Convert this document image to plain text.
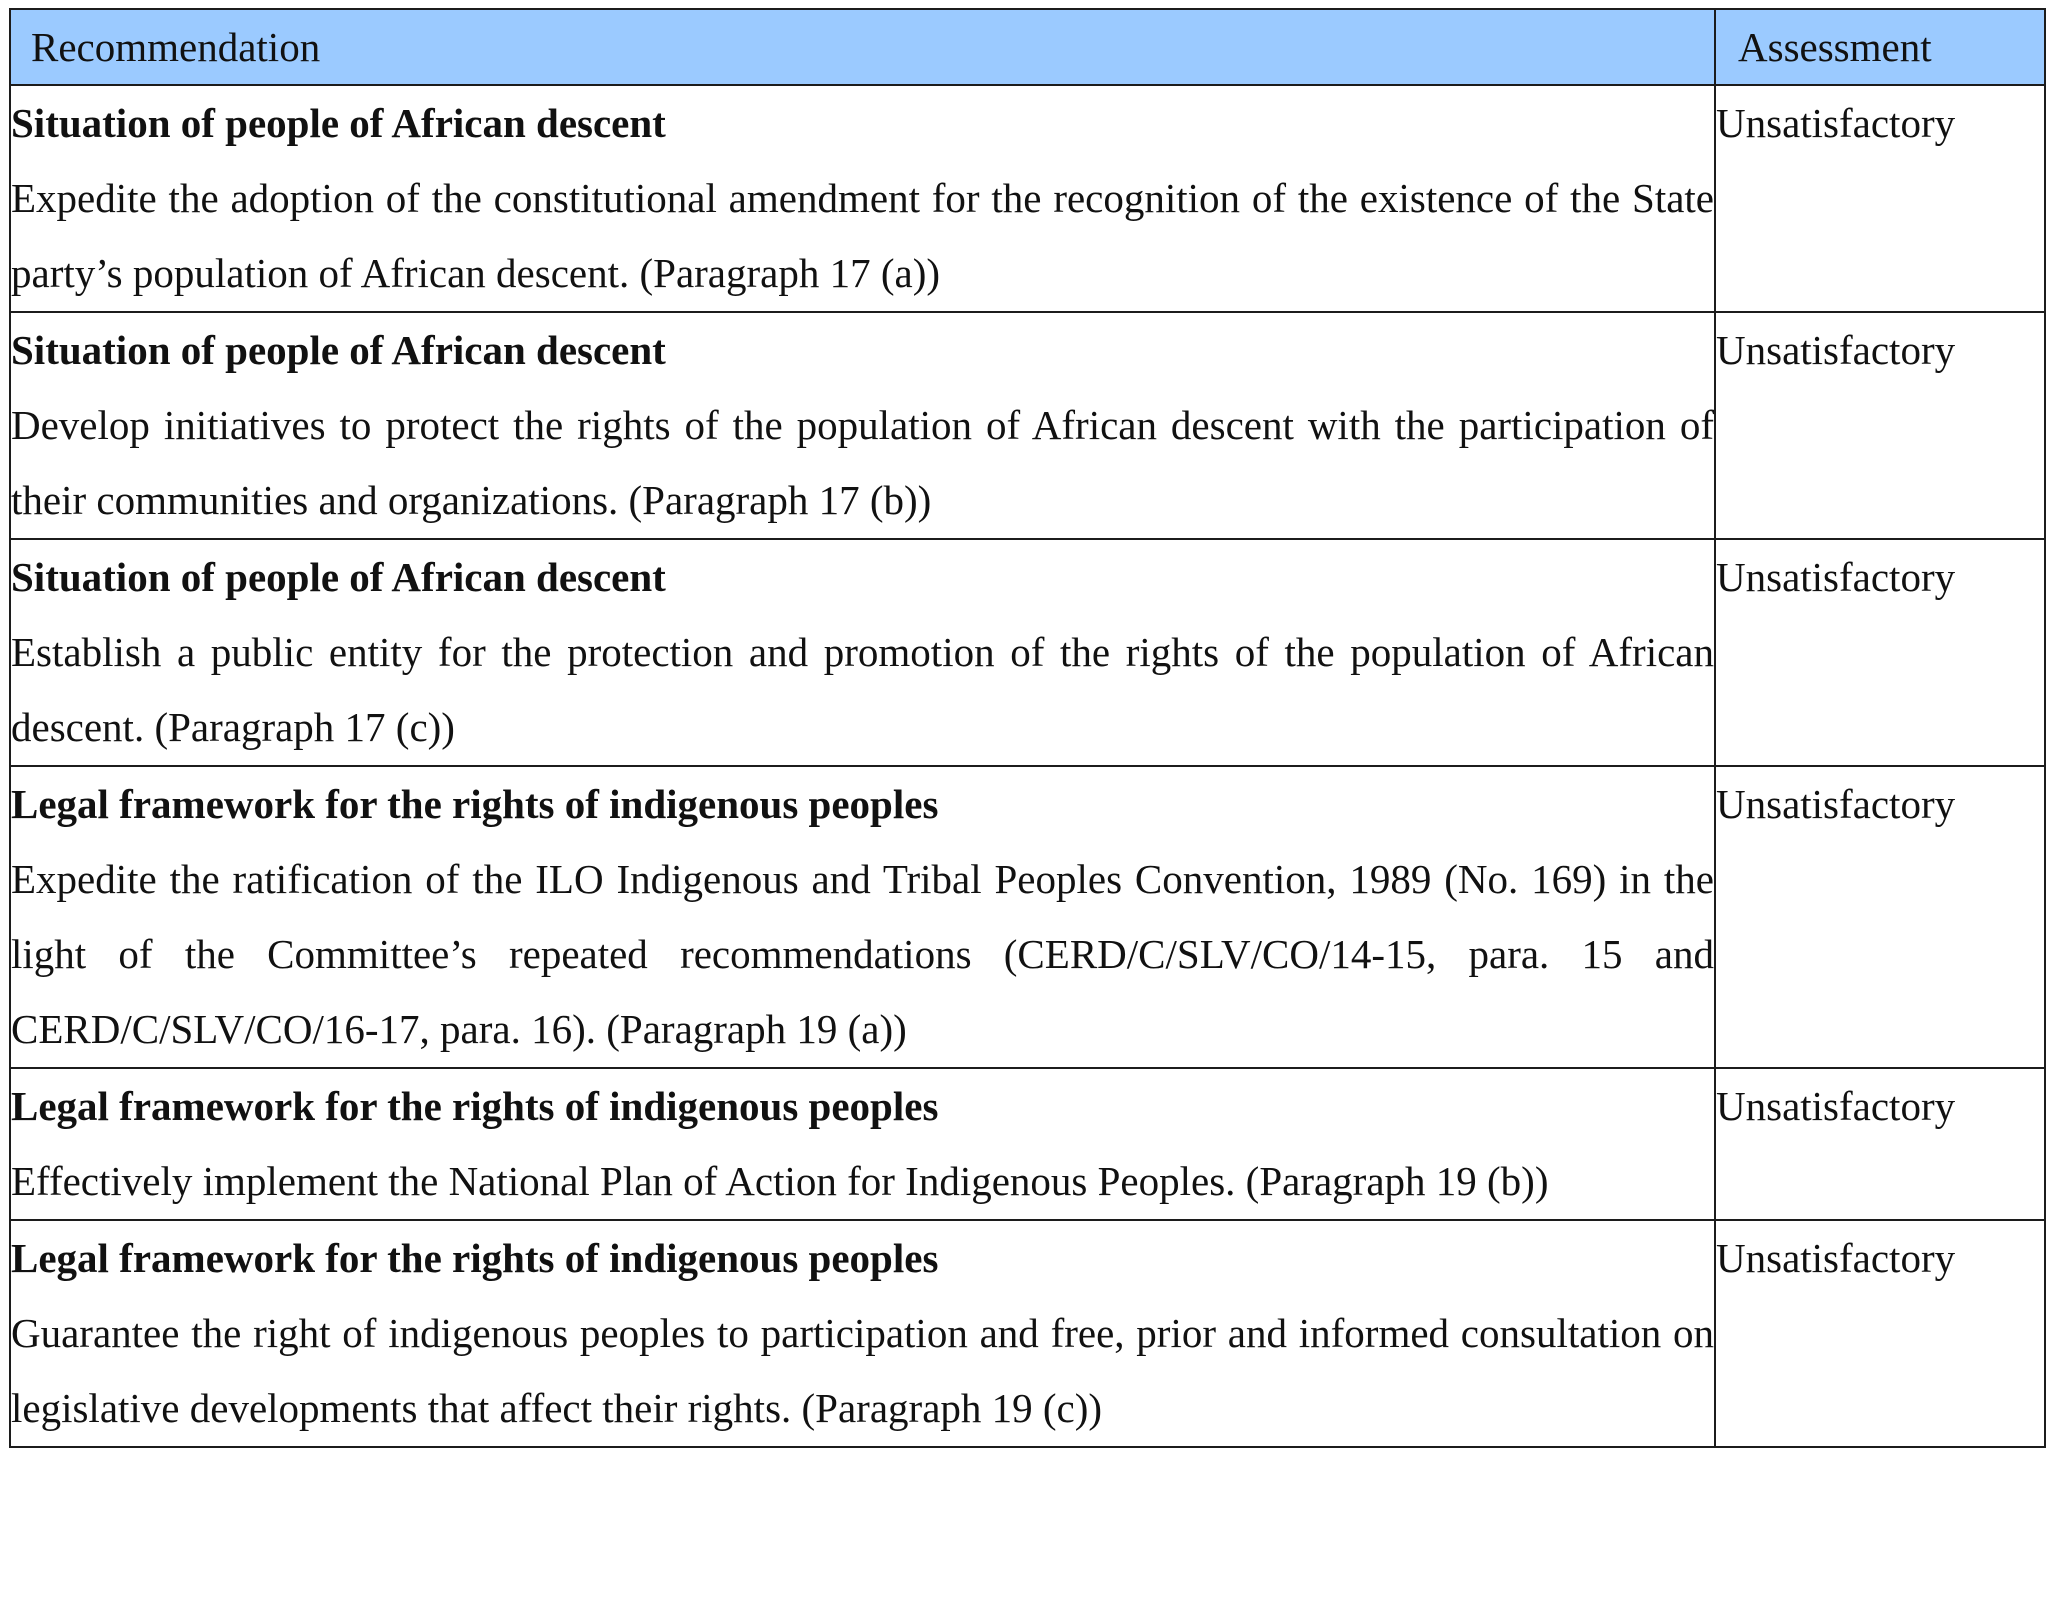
Recommendation	Assessment

Situation of people of African descent
Expedite the adoption of the constitutional amendment for the recognition of the existence of the State party’s population of African descent. (Paragraph 17 (a))	Unsatisfactory

Situation of people of African descent
Develop initiatives to protect the rights of the population of African descent with the participation of their communities and organizations. (Paragraph 17 (b))	Unsatisfactory

Situation of people of African descent
Establish a public entity for the protection and promotion of the rights of the population of African descent. (Paragraph 17 (c))	Unsatisfactory

Legal framework for the rights of indigenous peoples
Expedite the ratification of the ILO Indigenous and Tribal Peoples Convention, 1989 (No. 169) in the light of the Committee’s repeated recommendations (CERD/C/SLV/CO/14-15, para. 15 and CERD/C/SLV/CO/16-17, para. 16). (Paragraph 19 (a))	Unsatisfactory

Legal framework for the rights of indigenous peoples
Effectively implement the National Plan of Action for Indigenous Peoples. (Paragraph 19 (b))	Unsatisfactory

Legal framework for the rights of indigenous peoples
Guarantee the right of indigenous peoples to participation and free, prior and informed consultation on legislative developments that affect their rights. (Paragraph 19 (c))	Unsatisfactory
